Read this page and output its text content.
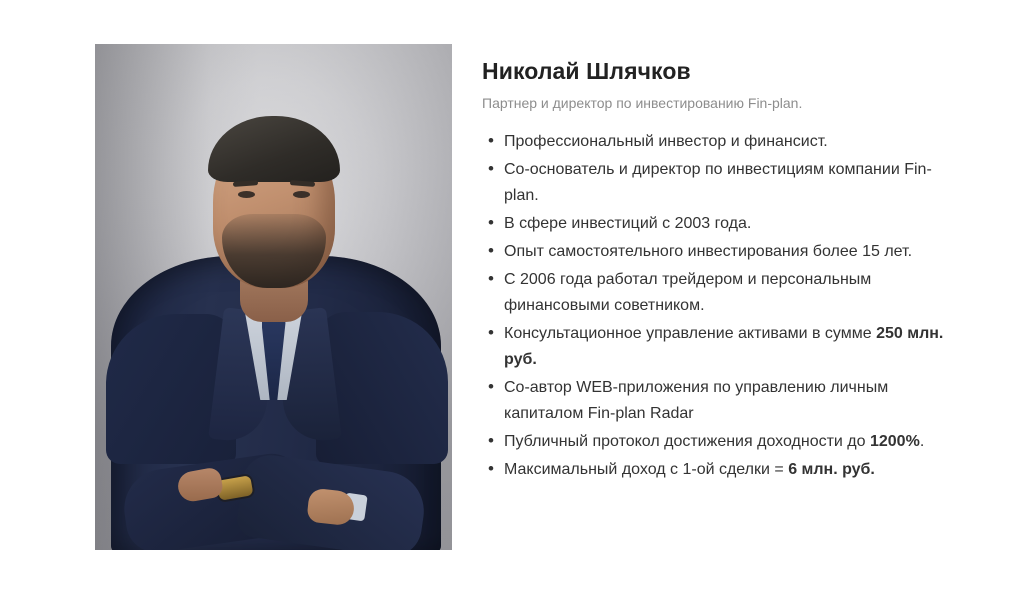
Николай Шлячков
Партнер и директор по инвестированию Fin-plan.
• Профессиональный инвестор и финансист.
• Со-основатель и директор по инвестициям компании Fin-plan.
• В сфере инвестиций с 2003 года.
• Опыт самостоятельного инвестирования более 15 лет.
• С 2006 года работал трейдером и персональным финансовыми советником.
• Консультационное управление активами в сумме 250 млн. руб.
• Со-автор WEB-приложения по управлению личным капиталом Fin-plan Radar
• Публичный протокол достижения доходности до 1200%.
• Максимальный доход с 1-ой сделки = 6 млн. руб.
